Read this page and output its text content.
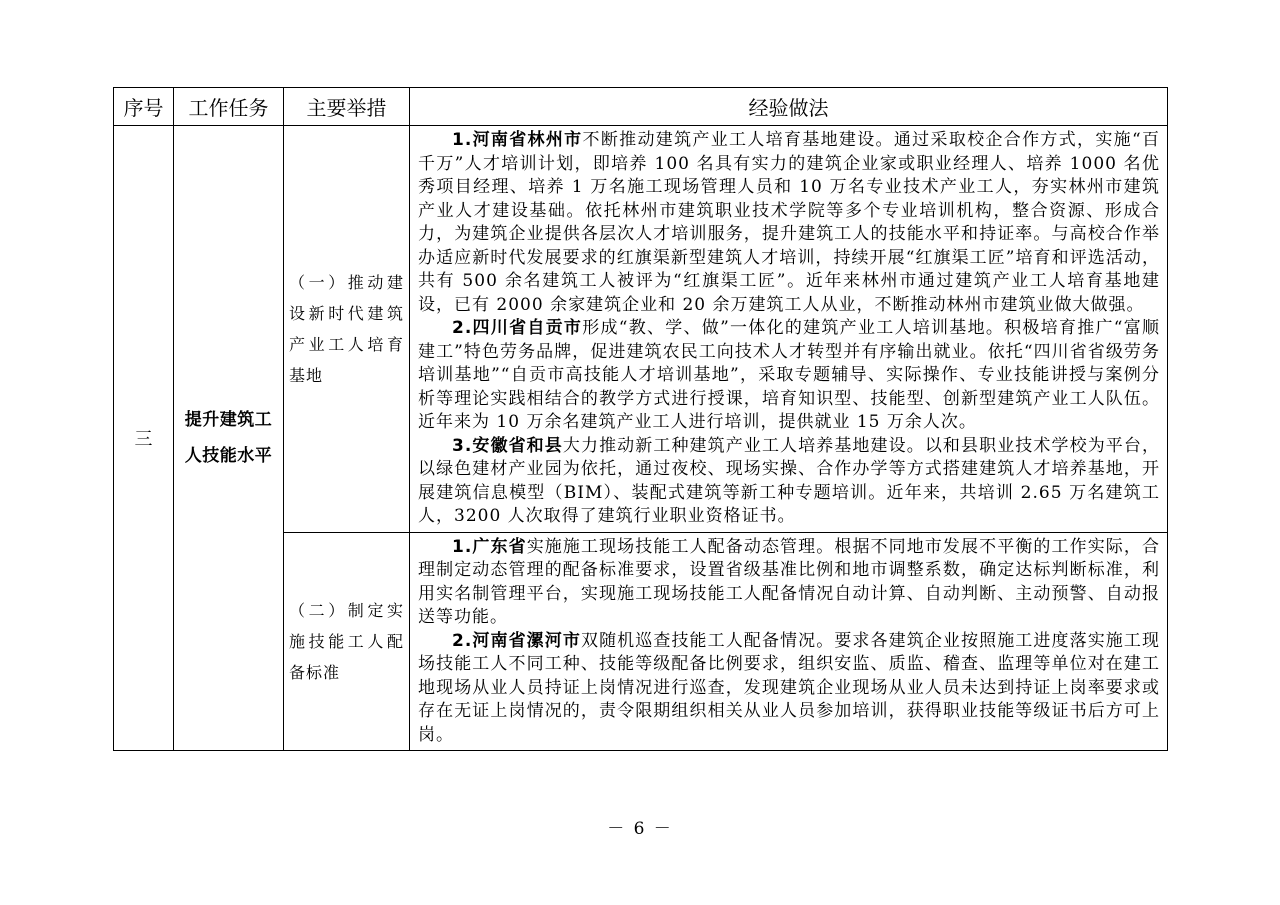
序号	工作任务	主要举措	经验做法
三	提升建筑工人技能水平	（一）推动建设新时代建筑产业工人培育基地	1.河南省林州市不断推动建筑产业工人培育基地建设。通过采取校企合作方式，实施“百千万”人才培训计划，即培养 100 名具有实力的建筑企业家或职业经理人、培养 1000 名优秀项目经理、培养 1 万名施工现场管理人员和 10 万名专业技术产业工人，夯实林州市建筑产业人才建设基础。依托林州市建筑职业技术学院等多个专业培训机构，整合资源、形成合力，为建筑企业提供各层次人才培训服务，提升建筑工人的技能水平和持证率。与高校合作举办适应新时代发展要求的红旗渠新型建筑人才培训，持续开展“红旗渠工匠”培育和评选活动，共有 500 余名建筑工人被评为“红旗渠工匠”。近年来林州市通过建筑产业工人培育基地建设，已有 2000 余家建筑企业和 20 余万建筑工人从业，不断推动林州市建筑业做大做强。

2.四川省自贡市形成“教、学、做”一体化的建筑产业工人培训基地。积极培育推广“富顺建工”特色劳务品牌，促进建筑农民工向技术人才转型并有序输出就业。依托“四川省省级劳务培训基地”“自贡市高技能人才培训基地”，采取专题辅导、实际操作、专业技能讲授与案例分析等理论实践相结合的教学方式进行授课，培育知识型、技能型、创新型建筑产业工人队伍。近年来为 10 万余名建筑产业工人进行培训，提供就业 15 万余人次。

3.安徽省和县大力推动新工种建筑产业工人培养基地建设。以和县职业技术学校为平台，以绿色建材产业园为依托，通过夜校、现场实操、合作办学等方式搭建建筑人才培养基地，开展建筑信息模型（BIM）、装配式建筑等新工种专题培训。近年来，共培训 2.65 万名建筑工人，3200 人次取得了建筑行业职业资格证书。

		（二）制定实施技能工人配备标准	1.广东省实施施工现场技能工人配备动态管理。根据不同地市发展不平衡的工作实际，合理制定动态管理的配备标准要求，设置省级基准比例和地市调整系数，确定达标判断标准，利用实名制管理平台，实现施工现场技能工人配备情况自动计算、自动判断、主动预警、自动报送等功能。

2.河南省漯河市双随机巡查技能工人配备情况。要求各建筑企业按照施工进度落实施工现场技能工人不同工种、技能等级配备比例要求，组织安监、质监、稽查、监理等单位对在建工地现场从业人员持证上岗情况进行巡查，发现建筑企业现场从业人员未达到持证上岗率要求或存在无证上岗情况的，责令限期组织相关从业人员参加培训，获得职业技能等级证书后方可上岗。

－ 6 －
